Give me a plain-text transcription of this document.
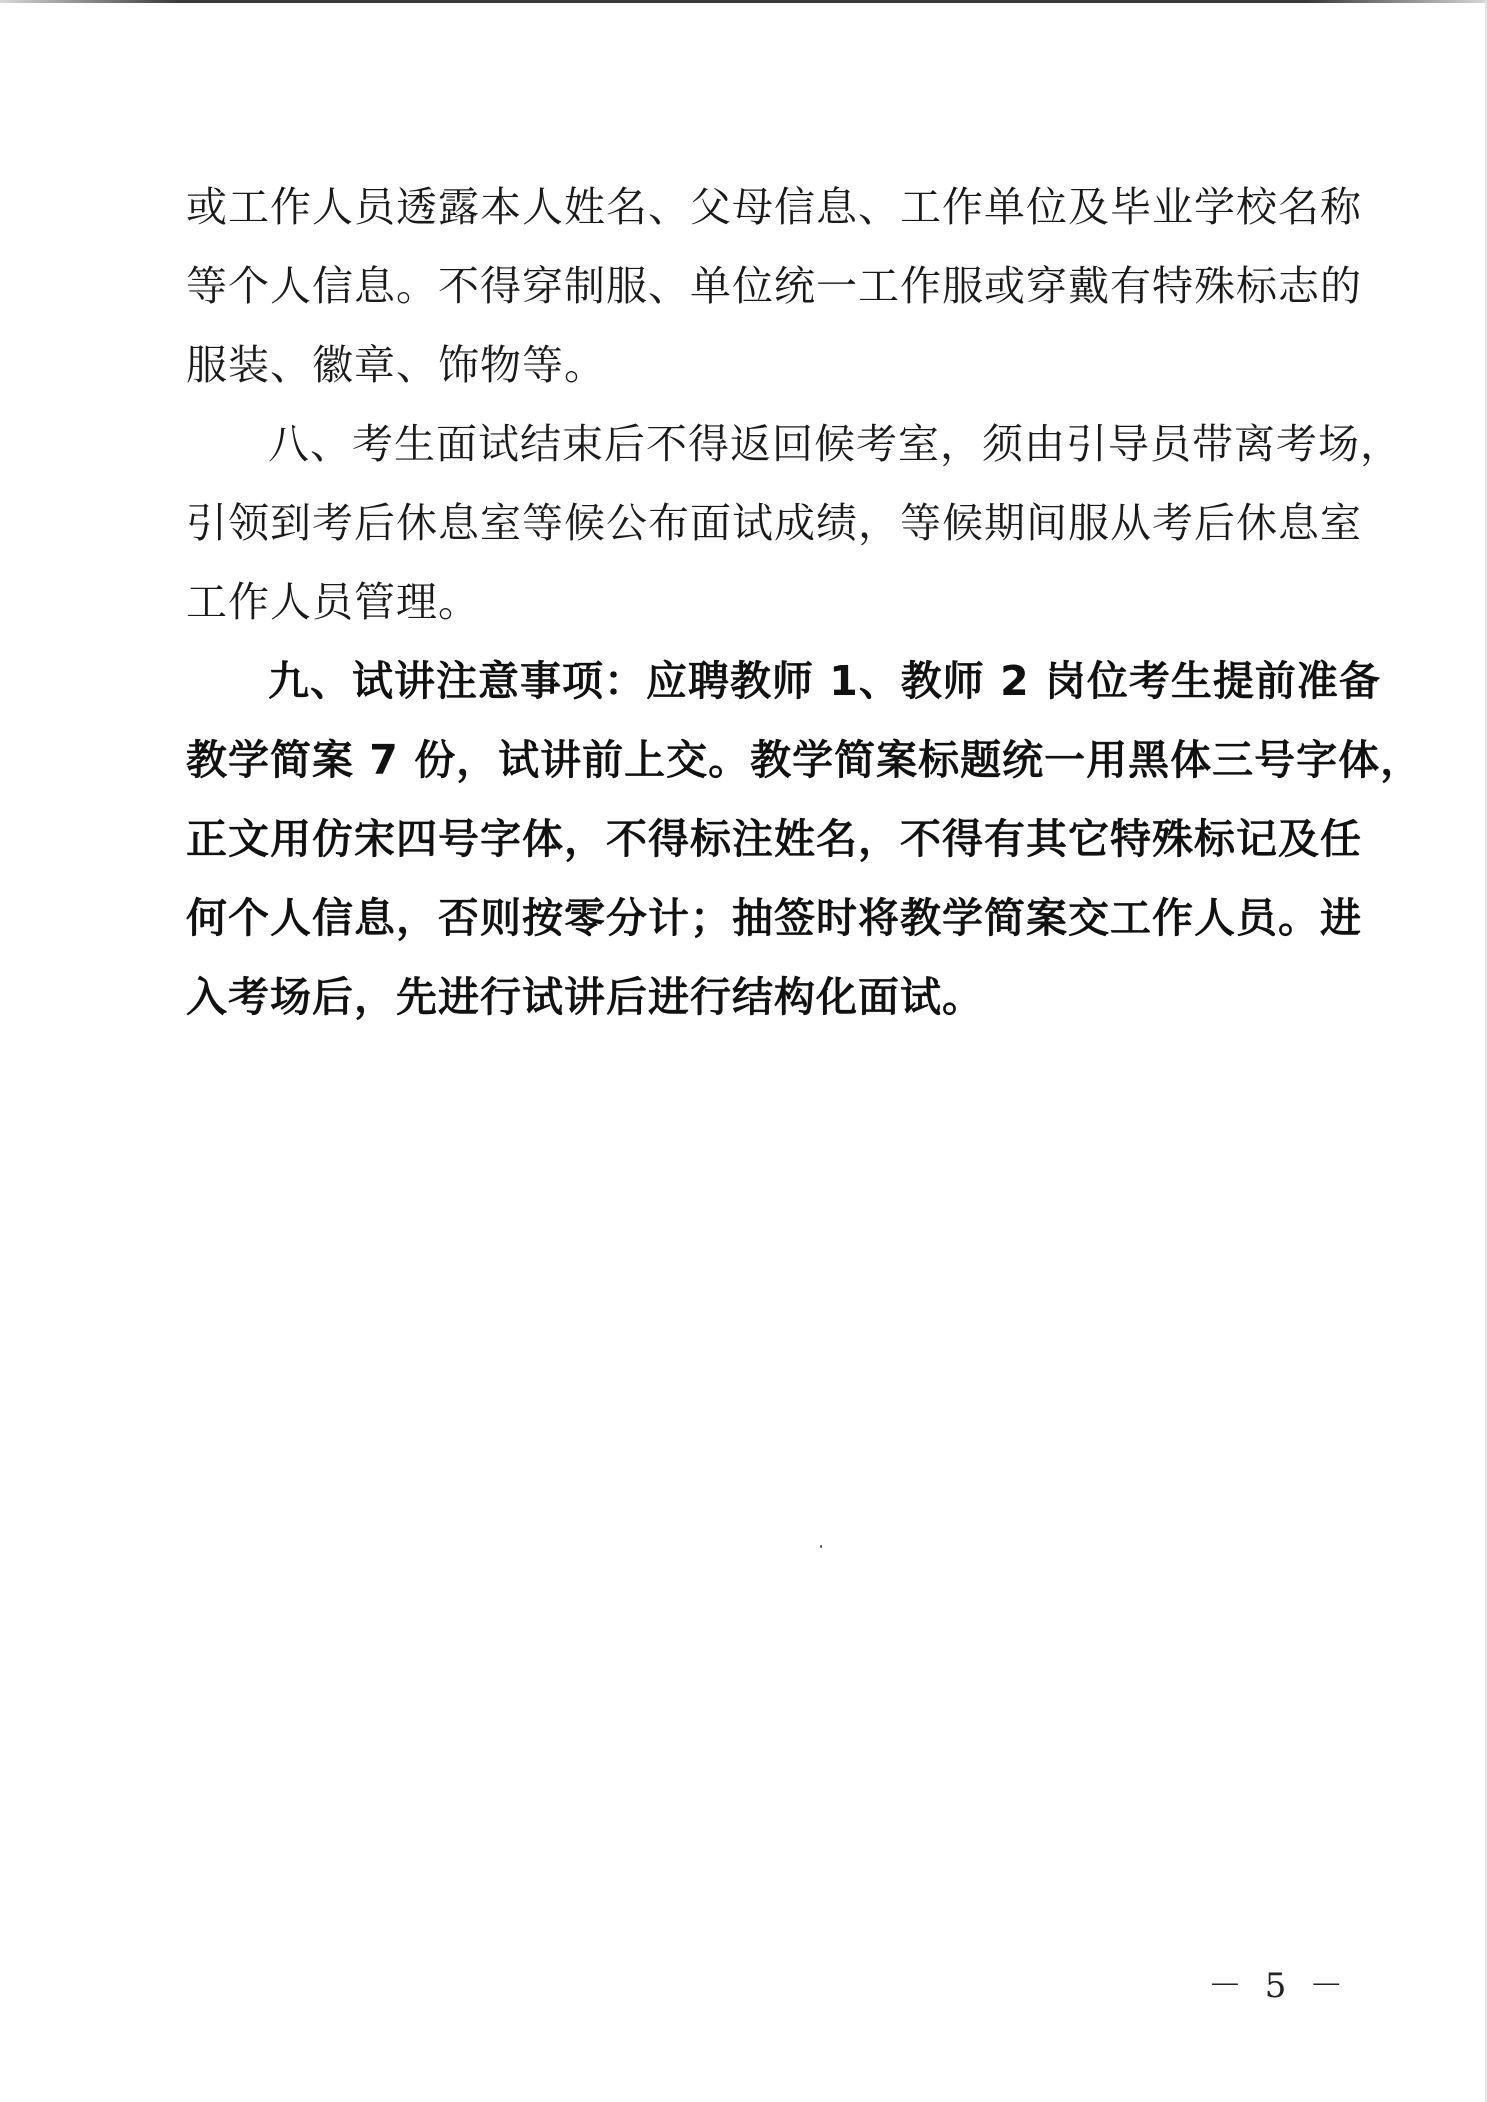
或工作人员透露本人姓名、父母信息、工作单位及毕业学校名称
等个人信息。不得穿制服、单位统一工作服或穿戴有特殊标志的
服装、徽章、饰物等。

八、考生面试结束后不得返回候考室，须由引导员带离考场，
引领到考后休息室等候公布面试成绩，等候期间服从考后休息室
工作人员管理。

九、试讲注意事项：应聘教师 1、教师 2 岗位考生提前准备
教学简案 7 份，试讲前上交。教学简案标题统一用黑体三号字体，
正文用仿宋四号字体，不得标注姓名，不得有其它特殊标记及任
何个人信息，否则按零分计；抽签时将教学简案交工作人员。进
入考场后，先进行试讲后进行结构化面试。

－ 5 －
